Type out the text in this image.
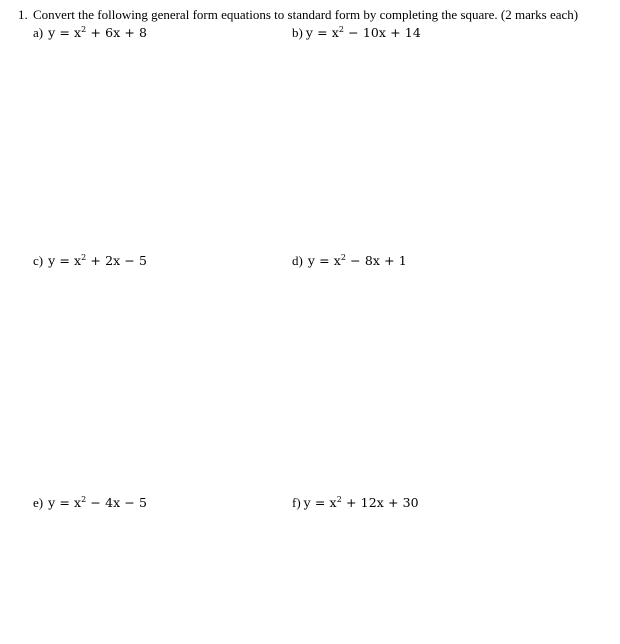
1. Convert the following general form equations to standard form by completing the square. (2 marks each)
a) $y = x^2 + 6x + 8$	b) $y = x^2 - 10x + 14$
c) $y = x^2 + 2x - 5$	d) $y = x^2 - 8x + 1$
e) $y = x^2 - 4x - 5$	f) $y = x^2 + 12x + 30$
